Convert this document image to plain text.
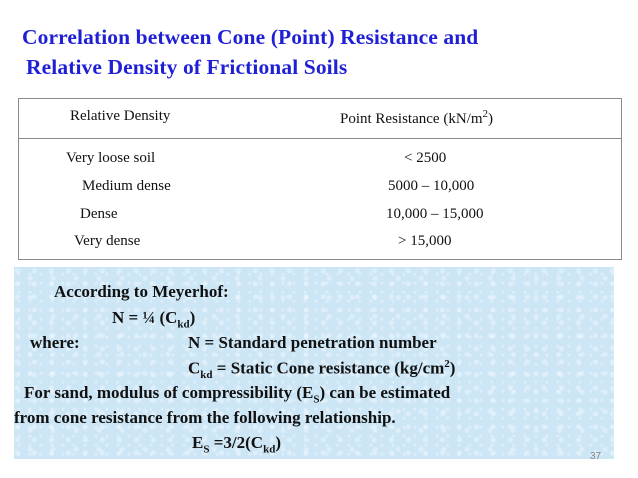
Correlation between Cone (Point) Resistance and
Relative Density of Frictional Soils
Relative Density	Point Resistance $(kN/m^2)$
Very loose soil	< 2500
Medium dense	5000 – 10,000
Dense	10,000 – 15,000
Very dense	> 15,000
According to Meyerhof:
N = ¼ $(C_{kd})$
where:	N = Standard penetration number
$C_{kd}$ = Static Cone resistance $(kg/cm^2)$
For sand, modulus of compressibility $(E_S)$ can be estimated
from cone resistance from the following relationship.
$E_S =3/2(C_{kd})$
37
